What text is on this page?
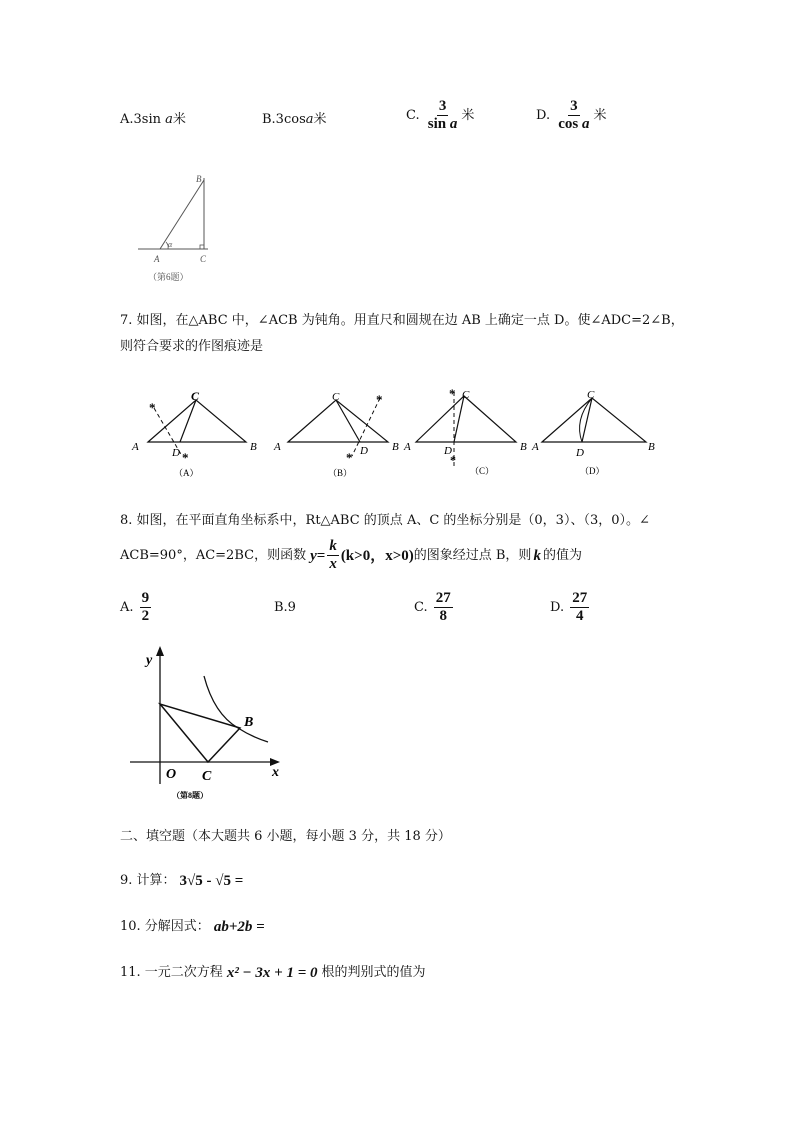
A.3sin a米	B.3cosa米	C. $\frac{3}{\text{sin a}}$ 米	D. $\frac{3}{\text{cos a}}$ 米
B
α
A	C
（第6题）
7. 如图，在△ABC 中，∠ACB 为钝角。用直尺和圆规在边 AB 上确定一点 D。使∠ADC=2∠B，
则符合要求的作图痕迹是
*
*
A
C
D	B
（A）
*
*
A
C
D B
（B）
*
*
A
C
D	B
（C）
A
C
D	B
（D）
8. 如图，在平面直角坐标系中，Rt△ABC 的顶点 A、C 的坐标分别是（0，3）、（3，0）。∠
ACB=90°，AC=2BC，则函数 $y= \frac{k}{x} (k>0$，x>0) 的图象经过点 B，则 k 的值为
A. $\frac{9}{2}$	B.9	C. $\frac{27}{8}$	D. $\frac{27}{4}$
y
x
O C
B
（第8题）
二、填空题（本大题共 6 小题，每小题 3 分，共 18 分）
9. 计算： 3√5 - √5 =
10. 分解因式： ab+2b =
11. 一元二次方程 x² − 3x + 1 = 0 根的判别式的值为
